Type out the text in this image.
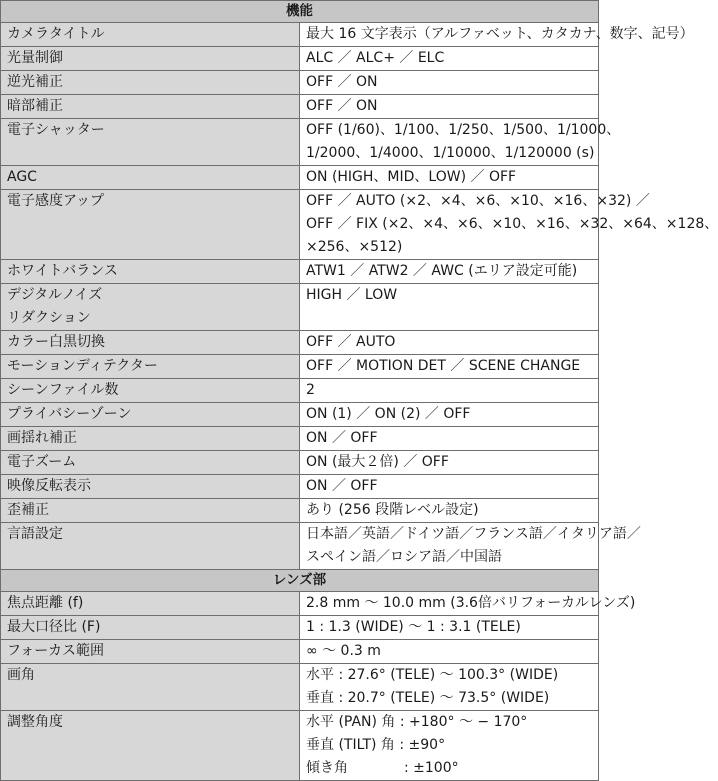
機能	

カメラタイトル	最大 16 文字表示（アルファベット、カタカナ、数字、記号）

光量制御	ALC ／ ALC+ ／ ELC

逆光補正	OFF ／ ON

暗部補正	OFF ／ ON

電子シャッター	OFF (1/60)、1/100、1/250、1/500、1/1000、
1/2000、1/4000、1/10000、1/120000 (s)

AGC	ON (HIGH、MID、LOW) ／ OFF

電子感度アップ	OFF ／ AUTO (×2、×4、×6、×10、×16、×32) ／
OFF ／ FIX (×2、×4、×6、×10、×16、×32、×64、×128、
×256、×512)

ホワイトバランス	ATW1 ／ ATW2 ／ AWC (エリア設定可能)

デジタルノイズ
リダクション	HIGH ／ LOW

カラー白黒切換	OFF ／ AUTO

モーションディテクター	OFF ／ MOTION DET ／ SCENE CHANGE

シーンファイル数	2

プライバシーゾーン	ON (1) ／ ON (2) ／ OFF

画揺れ補正	ON ／ OFF

電子ズーム	ON (最大２倍) ／ OFF

映像反転表示	ON ／ OFF

歪補正	あり (256 段階レベル設定)

言語設定	日本語／英語／ドイツ語／フランス語／イタリア語／
スペイン語／ロシア語／中国語

レンズ部	

焦点距離 (f)	2.8 mm 〜 10.0 mm (3.6倍バリフォーカルレンズ)

最大口径比 (F)	1 : 1.3 (WIDE) 〜 1 : 3.1 (TELE)

フォーカス範囲	∞ 〜 0.3 m

画角	水平 : 27.6° (TELE) 〜 100.3° (WIDE)
垂直 : 20.7° (TELE) 〜 73.5° (WIDE)

調整角度	水平 (PAN) 角 : +180° 〜 − 170°
垂直 (TILT) 角 : ±90°
傾き角　　　　: ±100°
